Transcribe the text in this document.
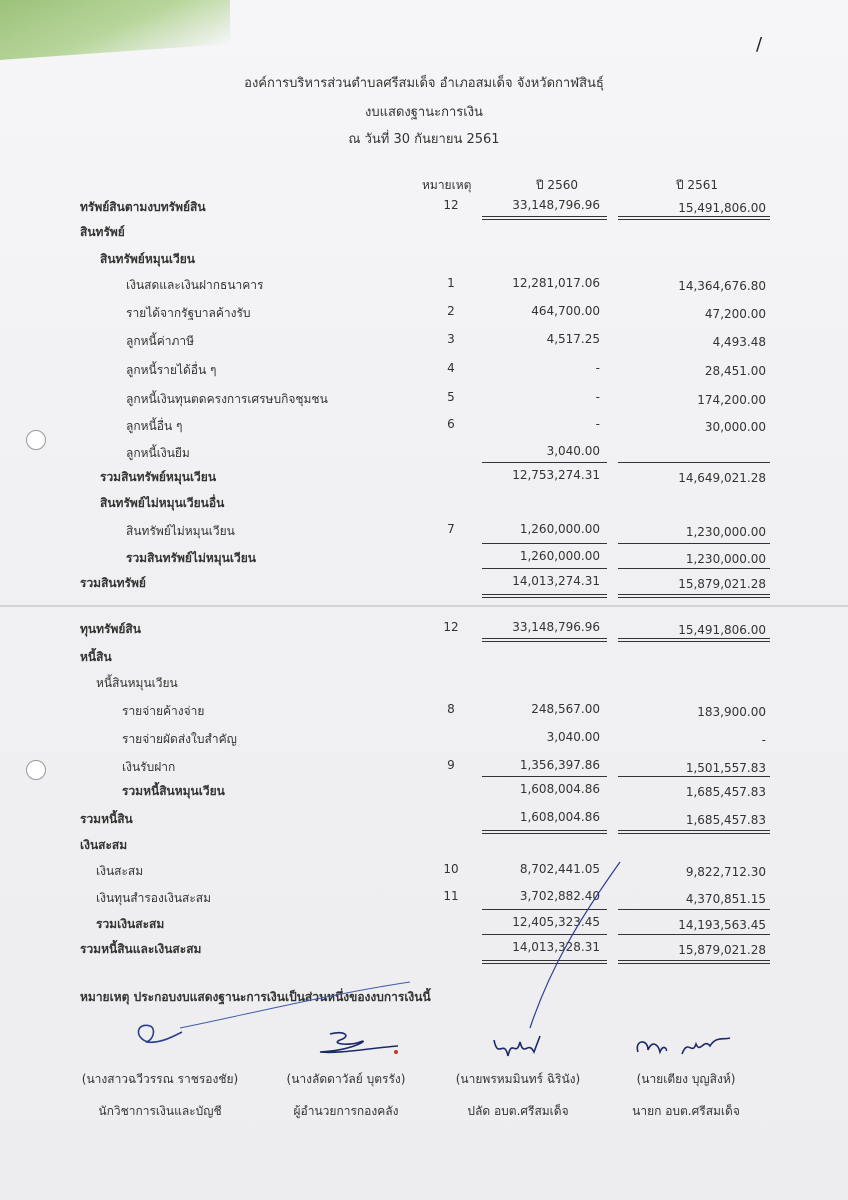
/
องค์การบริหารส่วนตำบลศรีสมเด็จ อำเภอสมเด็จ จังหวัดกาฬสินธุ์
งบแสดงฐานะการเงิน
ณ วันที่ 30 กันยายน 2561
หมายเหตุ	ปี 2560	ปี 2561
ทรัพย์สินตามงบทรัพย์สิน	12	33,148,796.96	15,491,806.00
สินทรัพย์
สินทรัพย์หมุนเวียน
เงินสดและเงินฝากธนาคาร	1	12,281,017.06	14,364,676.80
รายได้จากรัฐบาลค้างรับ	2	464,700.00	47,200.00
ลูกหนี้ค่าภาษี	3	4,517.25	4,493.48
ลูกหนี้รายได้อื่น ๆ	4	-	28,451.00
ลูกหนี้เงินทุนตดครงการเศรษบกิจชุมชน	5	-	174,200.00
ลูกหนี้อื่น ๆ	6	-	30,000.00
ลูกหนี้เงินยืม	3,040.00
รวมสินทรัพย์หมุนเวียน	12,753,274.31	14,649,021.28
สินทรัพย์ไม่หมุนเวียนอื่น
สินทรัพย์ไม่หมุนเวียน	7	1,260,000.00	1,230,000.00
รวมสินทรัพย์ไม่หมุนเวียน	1,260,000.00	1,230,000.00
รวมสินทรัพย์	14,013,274.31	15,879,021.28
ทุนทรัพย์สิน	12	33,148,796.96	15,491,806.00
หนี้สิน
หนี้สินหมุนเวียน
รายจ่ายค้างจ่าย	8	248,567.00	183,900.00
รายจ่ายผัดส่งใบสำคัญ	3,040.00	-
เงินรับฝาก	9	1,356,397.86	1,501,557.83
รวมหนี้สินหมุนเวียน	1,608,004.86	1,685,457.83
รวมหนี้สิน	1,608,004.86	1,685,457.83
เงินสะสม
เงินสะสม	10	8,702,441.05	9,822,712.30
เงินทุนสำรองเงินสะสม	11	3,702,882.40	4,370,851.15
รวมเงินสะสม	12,405,323.45	14,193,563.45
รวมหนี้สินและเงินสะสม	14,013,328.31	15,879,021.28
หมายเหตุ ประกอบงบแสดงฐานะการเงินเป็นส่วนหนึ่งของงบการเงินนี้
(นางสาวฉวีวรรณ ราชรองชัย)
นักวิชาการเงินและบัญชี
(นางลัดดาวัลย์ บุตรรัง)
ผู้อำนวยการกองคลัง
(นายพรหมมินทร์ ฉิรินัง)
ปลัด อบต.ศรีสมเด็จ
(นายเตียง บุญสิงห์)
นายก อบต.ศรีสมเด็จ
